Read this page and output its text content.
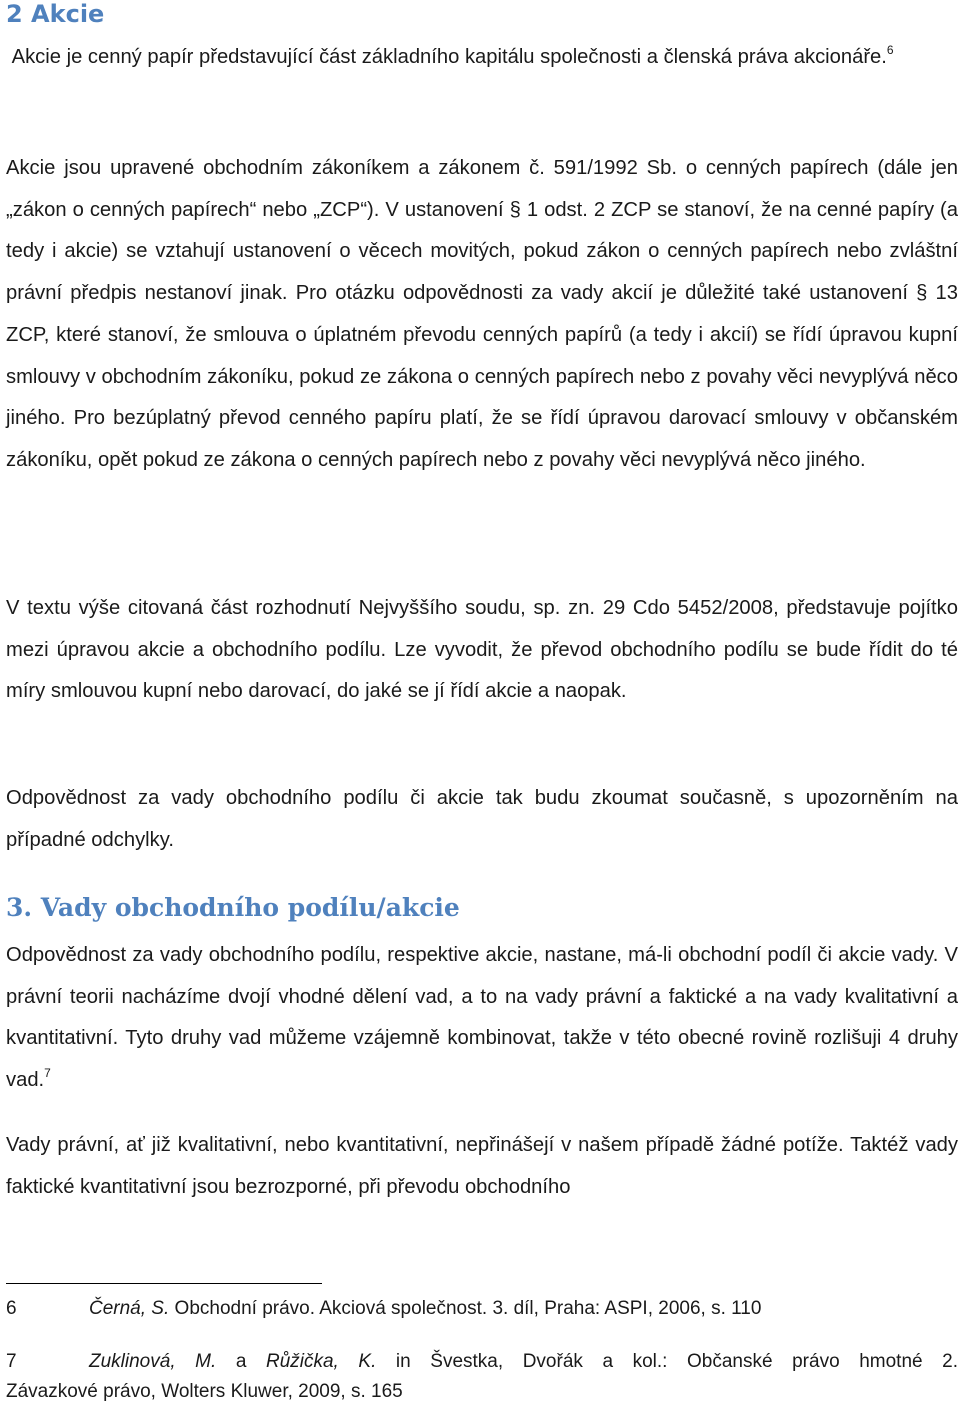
2 Akcie
Akcie je cenný papír představující část základního kapitálu společnosti a členská práva akcionáře.$^6$
Akcie jsou upravené obchodním zákoníkem a zákonem č. 591/1992 Sb. o cenných papírech (dále jen „zákon o cenných papírech“ nebo „ZCP“). V ustanovení § 1 odst. 2 ZCP se stanoví, že na cenné papíry (a tedy i akcie) se vztahují ustanovení o věcech movitých, pokud zákon o cenných papírech nebo zvláštní právní předpis nestanoví jinak. Pro otázku odpovědnosti za vady akcií je důležité také ustanovení § 13 ZCP, které stanoví, že smlouva o úplatném převodu cenných papírů (a tedy i akcií) se řídí úpravou kupní smlouvy v obchodním zákoníku, pokud ze zákona o cenných papírech nebo z povahy věci nevyplývá něco jiného. Pro bezúplatný převod cenného papíru platí, že se řídí úpravou darovací smlouvy v občanském zákoníku, opět pokud ze zákona o cenných papírech nebo z povahy věci nevyplývá něco jiného.
V textu výše citovaná část rozhodnutí Nejvyššího soudu, sp. zn. 29 Cdo 5452/2008, představuje pojítko mezi úpravou akcie a obchodního podílu. Lze vyvodit, že převod obchodního podílu se bude řídit do té míry smlouvou kupní nebo darovací, do jaké se jí řídí akcie a naopak.
Odpovědnost za vady obchodního podílu či akcie tak budu zkoumat současně, s upozorněním na případné odchylky.
3. Vady obchodního podílu/akcie
Odpovědnost za vady obchodního podílu, respektive akcie, nastane, má-li obchodní podíl či akcie vady. V právní teorii nacházíme dvojí vhodné dělení vad, a to na vady právní a faktické a na vady kvalitativní a kvantitativní. Tyto druhy vad můžeme vzájemně kombinovat, takže v této obecné rovině rozlišuji 4 druhy vad.$^7$
Vady právní, ať již kvalitativní, nebo kvantitativní, nepřinášejí v našem případě žádné potíže. Taktéž vady faktické kvantitativní jsou bezrozporné, při převodu obchodního
6	Černá, S. Obchodní právo. Akciová společnost. 3. díl, Praha: ASPI, 2006, s. 110
7	Zuklinová, M. a Růžička, K. in Švestka, Dvořák a kol.: Občanské právo hmotné 2.
Závazkové právo, Wolters Kluwer, 2009, s. 165
